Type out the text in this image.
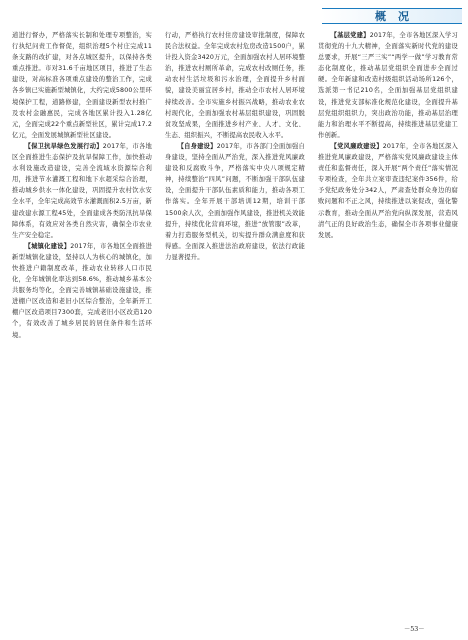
概况

道进行督办，严格落实长制和处理专项整治，实行执纪问责工作督促，组织治理5个村庄完成11条支路的改扩建，对各点城区提升，以保持各类重点推进。市对31.6千亩地区项目，推进了生态建设，对高标准各项重点建设的整治工作，完成各乡镇已实施新型城镇化，大约完成5800公里环境保护工程，道路修建，全面建设新型农村推广及农村金融惠民，完成各地区累计投入1.28亿元，全面完成22个重点新型社区，累计完成17.2亿元，全面发展城镇新型社区建设。

【保卫抗旱绿色发展行动】2017年，市各地区全面推进生态保护及抗旱保障工作，加快推动水利设施改造建设，完善全流域水资源综合利用，推进节水灌溉工程和地下水超采综合治理，推动城乡供水一体化建设，巩固提升农村饮水安全水平，全年完成高效节水灌溉面积2.5万亩，新建改建水源工程45处，全面建成各类防汛抗旱保障体系，有效应对各类自然灾害，确保全市农业生产安全稳定。

【城镇化建设】2017年，市各地区全面推进新型城镇化建设，坚持以人为核心的城镇化，加快推进户籍制度改革，推动农业转移人口市民化，全年城镇化率达到58.6%，推动城乡基本公共服务均等化，全面完善城镇基础设施建设，推进棚户区改造和老旧小区综合整治，全年新开工棚户区改造项目7300套，完成老旧小区改造120个，有效改善了城乡居民的居住条件和生活环境。

行动，严格执行农村住房建设审批制度，保障农民合法权益。全年完成农村危房改造1500户，累计投入资金3420万元，全面加强农村人居环境整治，推进农村厕所革命，完成农村改厕任务，推动农村生活垃圾和污水治理，全面提升乡村面貌，建设美丽宜居乡村，推动全市农村人居环境持续改善。全市实施乡村振兴战略，推动农业农村现代化，全面加强农村基层组织建设，巩固脱贫攻坚成果，全面推进乡村产业、人才、文化、生态、组织振兴，不断提高农民收入水平。

【自身建设】2017年，市各部门全面加强自身建设，坚持全面从严治党，深入推进党风廉政建设和反腐败斗争，严格落实中央八项规定精神，持续整治“四风”问题，不断加强干部队伍建设，全面提升干部队伍素质和能力，推动各项工作落实。全年开展干部培训12期，培训干部1500余人次，全面加强作风建设，推进机关效能提升，持续优化营商环境，推进“放管服”改革，着力打造服务型机关，切实提升群众满意度和获得感。全面深入推进法治政府建设，依法行政能力显著提升。

【基层党建】2017年，全市各地区深入学习贯彻党的十九大精神，全面落实新时代党的建设总要求，开展“三严三实”“两学一做”学习教育常态化制度化，推动基层党组织全面进步全面过硬。全年新建和改造村级组织活动场所126个，选派第一书记210名，全面加强基层党组织建设，推进党支部标准化规范化建设，全面提升基层党组织组织力，突出政治功能，推动基层治理能力和治理水平不断提高，持续推进基层党建工作创新。

【党风廉政建设】2017年，全市各地区深入推进党风廉政建设，严格落实党风廉政建设主体责任和监督责任，深入开展“两个责任”落实情况专项检查，全年共立案审查违纪案件356件，给予党纪政务处分342人，严肃查处群众身边的腐败问题和不正之风，持续推进以案促改，强化警示教育，推动全面从严治党向纵深发展，营造风清气正的良好政治生态，确保全市各项事业健康发展。

－53－
